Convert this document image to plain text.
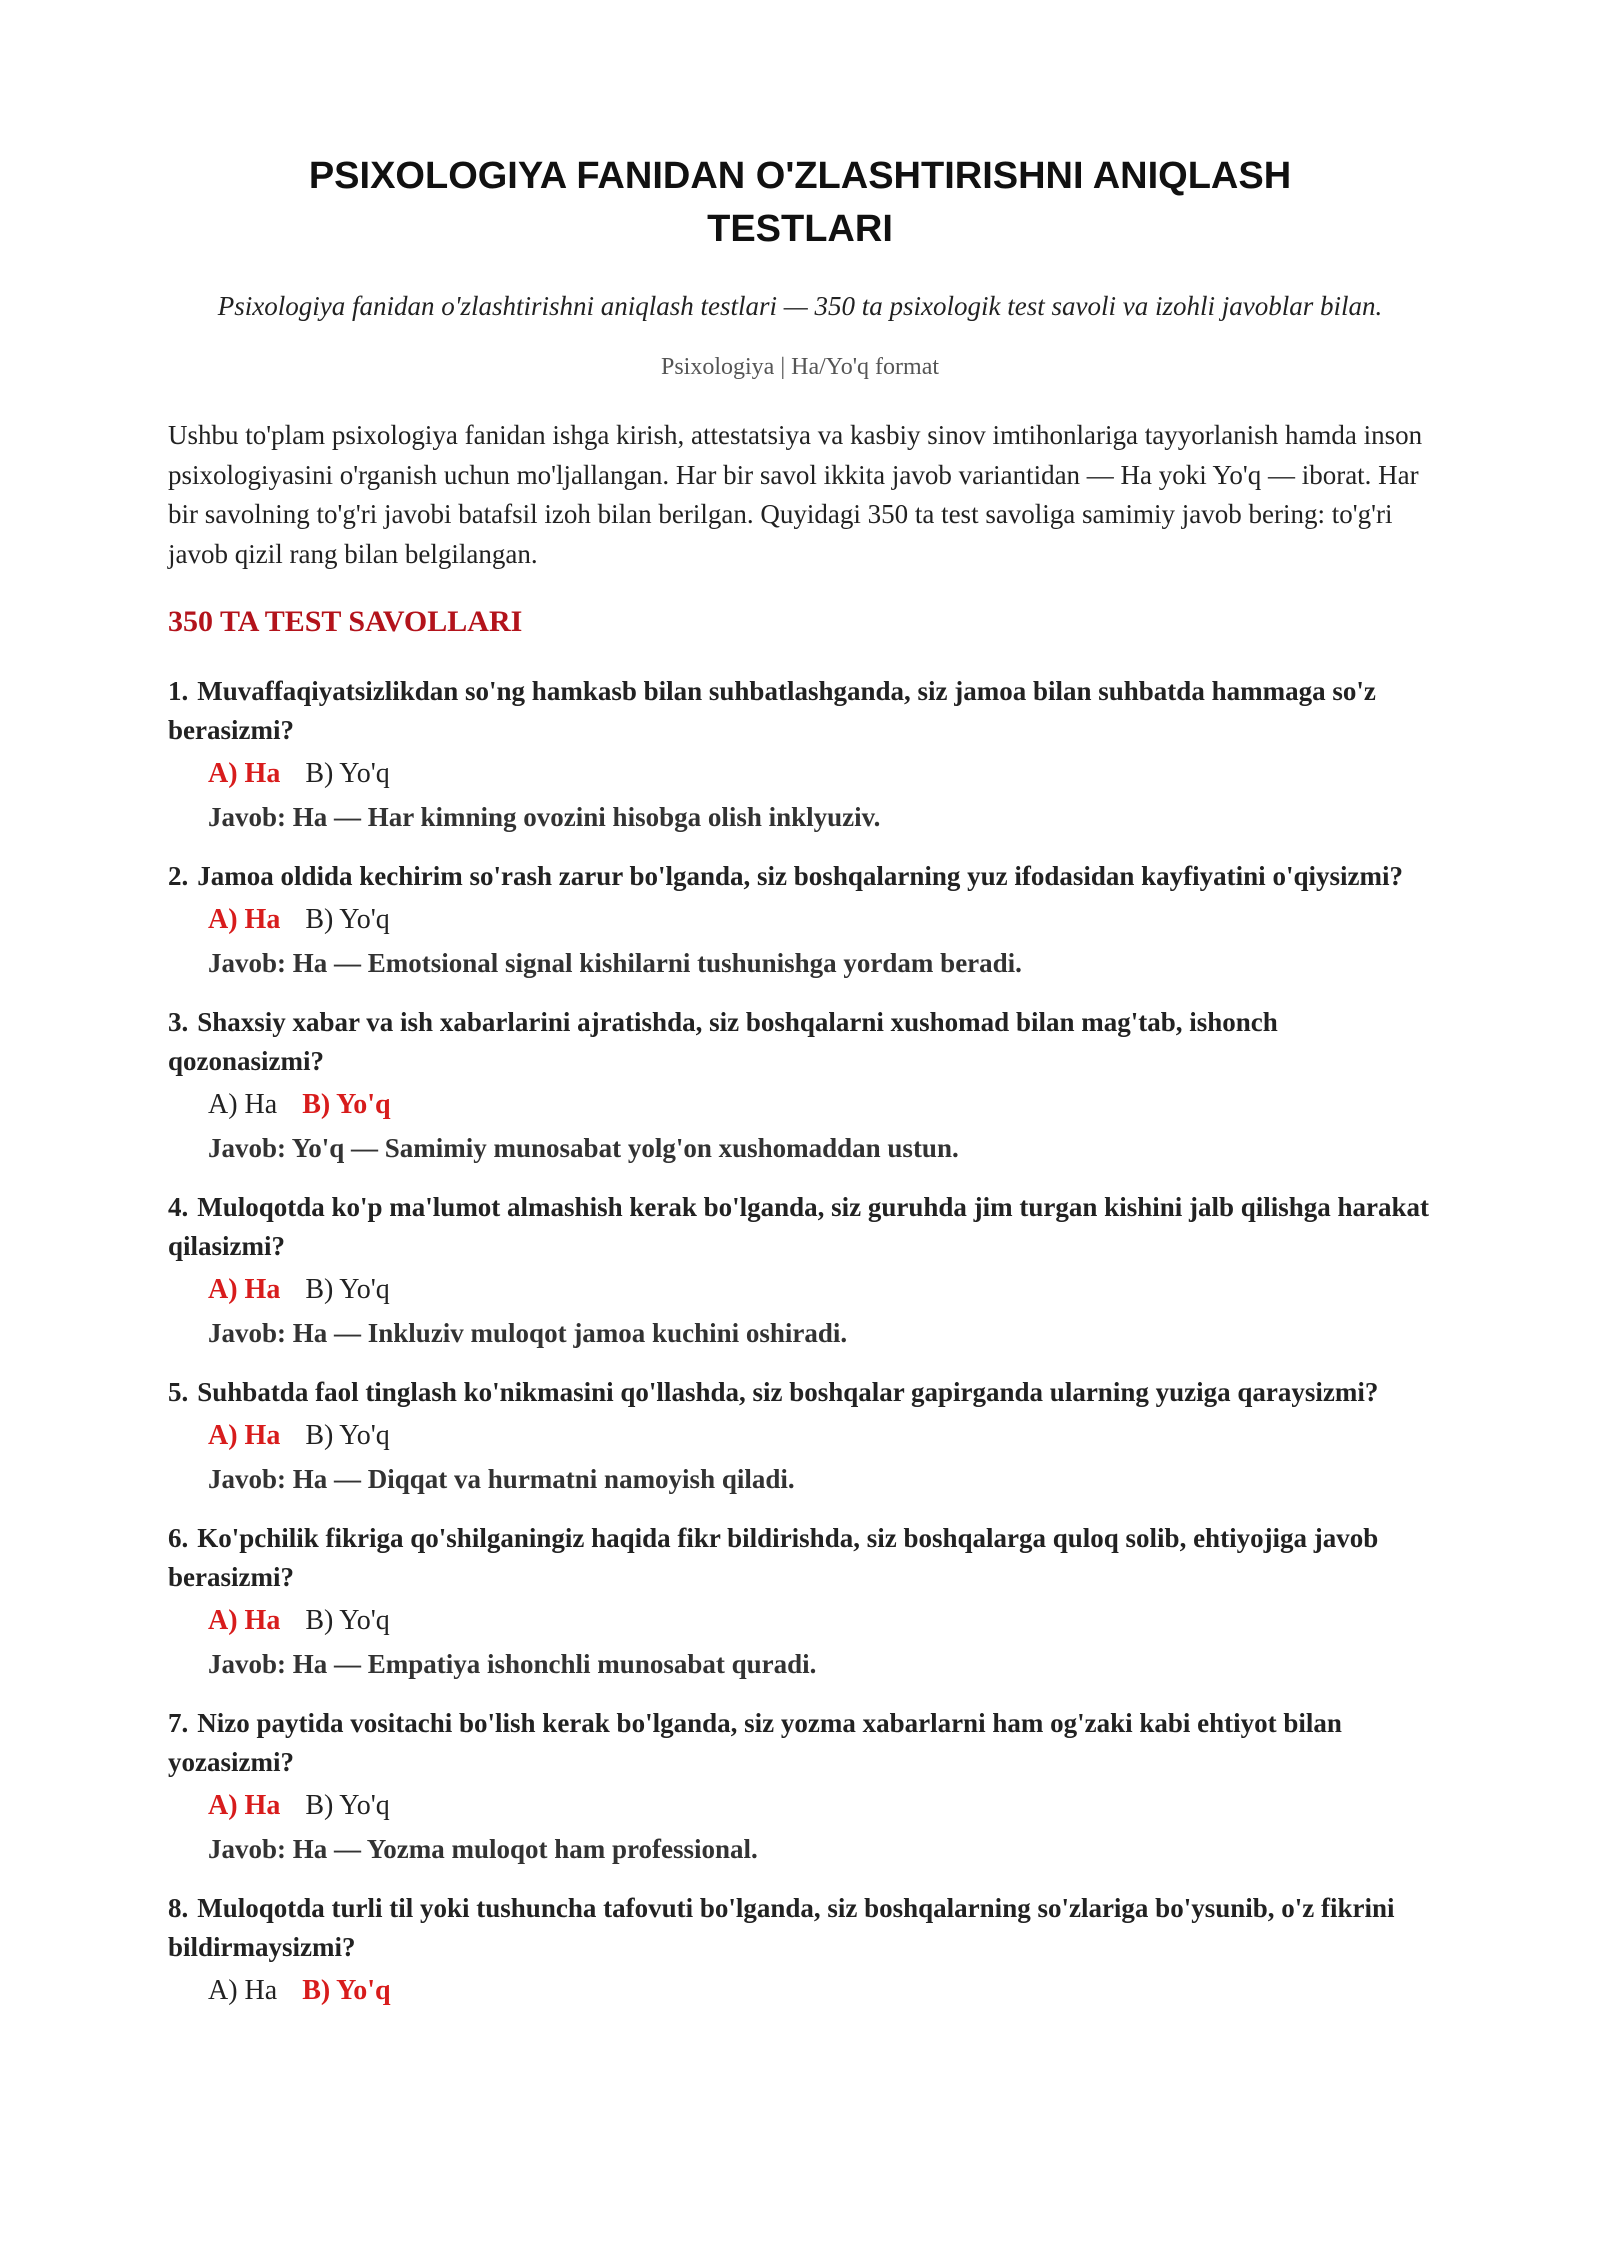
PSIXOLOGIYA FANIDAN O'ZLASHTIRISHNI ANIQLASH TESTLARI

Psixologiya fanidan o'zlashtirishni aniqlash testlari — 350 ta psixologik test savoli va izohli javoblar bilan.

Psixologiya | Ha/Yo'q format

Ushbu to'plam psixologiya fanidan ishga kirish, attestatsiya va kasbiy sinov imtihonlariga tayyorlanish hamda inson psixologiyasini o'rganish uchun mo'ljallangan. Har bir savol ikkita javob variantidan — Ha yoki Yo'q — iborat. Har bir savolning to'g'ri javobi batafsil izoh bilan berilgan. Quyidagi 350 ta test savoliga samimiy javob bering: to'g'ri javob qizil rang bilan belgilangan.

350 TA TEST SAVOLLARI
1. Muvaffaqiyatsizlikdan so'ng hamkasb bilan suhbatlashganda, siz jamoa bilan suhbatda hammaga so'z berasizmi?
A) Ha B) Yo'q
Javob: Ha — Har kimning ovozini hisobga olish inklyuziv.
2. Jamoa oldida kechirim so'rash zarur bo'lganda, siz boshqalarning yuz ifodasidan kayfiyatini o'qiysizmi?
A) Ha B) Yo'q
Javob: Ha — Emotsional signal kishilarni tushunishga yordam beradi.
3. Shaxsiy xabar va ish xabarlarini ajratishda, siz boshqalarni xushomad bilan mag'tab, ishonch qozonasizmi?
A) Ha B) Yo'q
Javob: Yo'q — Samimiy munosabat yolg'on xushomaddan ustun.
4. Muloqotda ko'p ma'lumot almashish kerak bo'lganda, siz guruhda jim turgan kishini jalb qilishga harakat qilasizmi?
A) Ha B) Yo'q
Javob: Ha — Inkluziv muloqot jamoa kuchini oshiradi.
5. Suhbatda faol tinglash ko'nikmasini qo'llashda, siz boshqalar gapirganda ularning yuziga qaraysizmi?
A) Ha B) Yo'q
Javob: Ha — Diqqat va hurmatni namoyish qiladi.
6. Ko'pchilik fikriga qo'shilganingiz haqida fikr bildirishda, siz boshqalarga quloq solib, ehtiyojiga javob berasizmi?
A) Ha B) Yo'q
Javob: Ha — Empatiya ishonchli munosabat quradi.
7. Nizo paytida vositachi bo'lish kerak bo'lganda, siz yozma xabarlarni ham og'zaki kabi ehtiyot bilan yozasizmi?
A) Ha B) Yo'q
Javob: Ha — Yozma muloqot ham professional.
8. Muloqotda turli til yoki tushuncha tafovuti bo'lganda, siz boshqalarning so'zlariga bo'ysunib, o'z fikrini bildirmaysizmi?
A) Ha B) Yo'q
